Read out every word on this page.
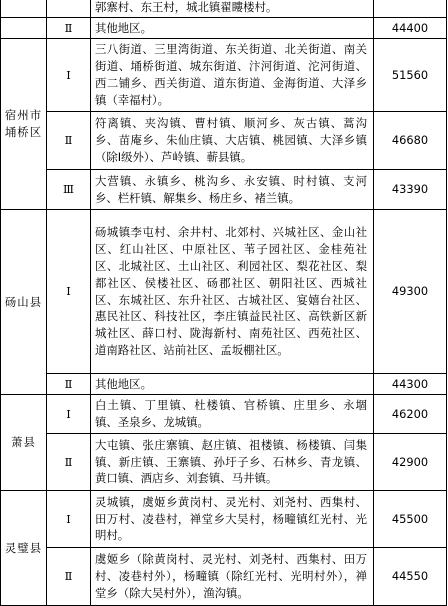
		郭寨村、东王村，城北镇翟瞜楼村。	
	Ⅱ	其他地区。	44400
宿州市埇桥区	Ⅰ	三八街道、三里湾街道、东关街道、北关街道、南关街道、埇桥街道、城东街道、汴河街道、沱河街道、西二铺乡、西关街道、道东街道、金海街道、大泽乡镇（幸福村）。	51560
	Ⅱ	符离镇、夹沟镇、曹村镇、顺河乡、灰古镇、蒿沟乡、苗庵乡、朱仙庄镇、大店镇、桃园镇、大泽乡镇（除Ⅰ级外）、芦岭镇、蕲县镇。	46680
	Ⅲ	大营镇、永镇乡、桃沟乡、永安镇、时村镇、支河乡、栏杆镇、解集乡、杨庄乡、褚兰镇。	43390
砀山县	Ⅰ	砀城镇李屯村、余井村、北郊村、兴城社区、金山社区、红山社区、中原社区、苇子园社区、金桂苑社区、北城社区、土山社区、利园社区、梨花社区、梨都社区、侯楼社区、砀郡社区、朝阳社区、西城社区、东城社区、东升社区、古城社区、宴嬉台社区、惠民社区、科技社区，李庄镇益民社区、高铁新区新城社区、薛口村、陇海新村、南苑社区、西苑社区、道南路社区、站前社区、孟坂棚社区。	49300
	Ⅱ	其他地区。	44300
萧县	Ⅰ	白土镇、丁里镇、杜楼镇、官桥镇、庄里乡、永堌镇、圣泉乡、龙城镇。	46200
	Ⅱ	大屯镇、张庄寨镇、赵庄镇、祖楼镇、杨楼镇、闫集镇、新庄镇、王寨镇、孙圩子乡、石林乡、青龙镇、黄口镇、酒店乡、刘套镇、马井镇。	42900
灵璧县	Ⅰ	灵城镇，虞姬乡黄岗村、灵光村、刘尧村、西集村、田万村、凌巷村，禅堂乡大吴村，杨疃镇红光村、光明村。	45500
	Ⅱ	虞姬乡（除黄岗村、灵光村、刘尧村、西集村、田万村、凌巷村外），杨疃镇（除红光村、光明村外），禅堂乡（除大吴村外），渔沟镇。	44550
